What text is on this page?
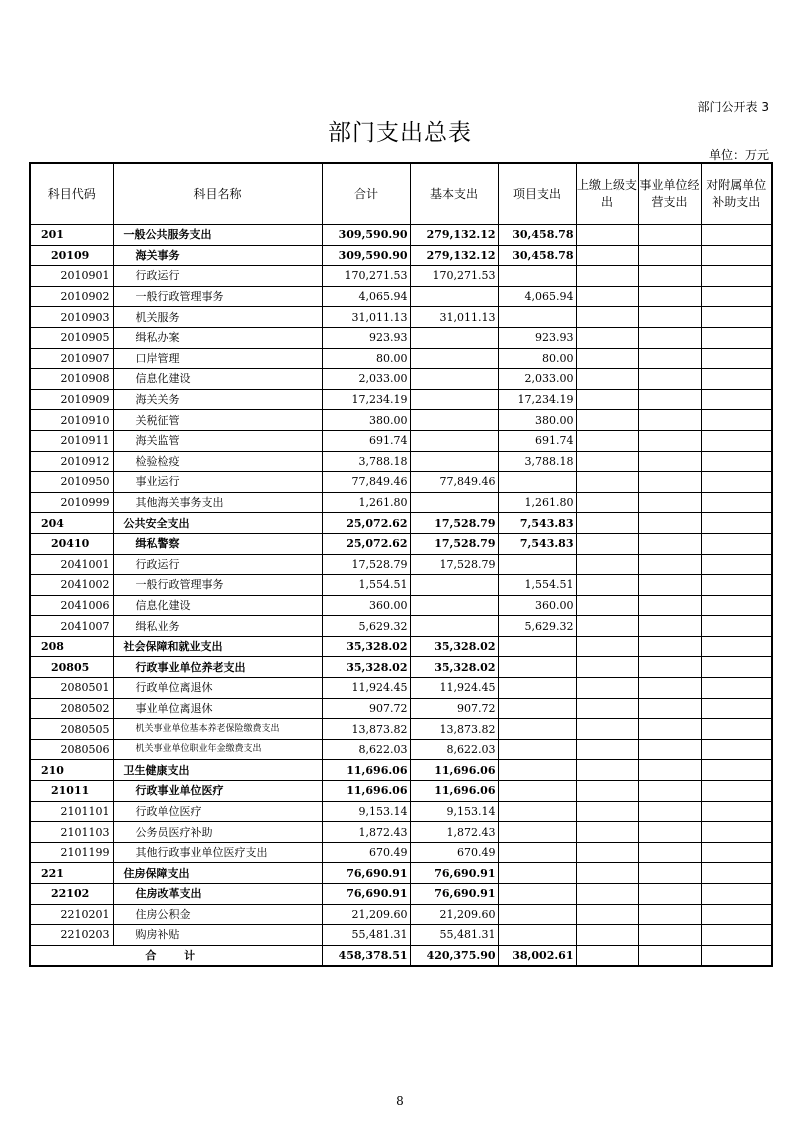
部门公开表 3
部门支出总表
单位：万元
科目代码	科目名称	合计	基本支出	项目支出	上缴上级支出	事业单位经营支出	对附属单位补助支出
201	一般公共服务支出	309,590.90	279,132.12	30,458.78			
20109	海关事务	309,590.90	279,132.12	30,458.78			
2010901	行政运行	170,271.53	170,271.53				
2010902	一般行政管理事务	4,065.94		4,065.94			
2010903	机关服务	31,011.13	31,011.13				
2010905	缉私办案	923.93		923.93			
2010907	口岸管理	80.00		80.00			
2010908	信息化建设	2,033.00		2,033.00			
2010909	海关关务	17,234.19		17,234.19			
2010910	关税征管	380.00		380.00			
2010911	海关监管	691.74		691.74			
2010912	检验检疫	3,788.18		3,788.18			
2010950	事业运行	77,849.46	77,849.46				
2010999	其他海关事务支出	1,261.80		1,261.80			
204	公共安全支出	25,072.62	17,528.79	7,543.83			
20410	缉私警察	25,072.62	17,528.79	7,543.83			
2041001	行政运行	17,528.79	17,528.79				
2041002	一般行政管理事务	1,554.51		1,554.51			
2041006	信息化建设	360.00		360.00			
2041007	缉私业务	5,629.32		5,629.32			
208	社会保障和就业支出	35,328.02	35,328.02				
20805	行政事业单位养老支出	35,328.02	35,328.02				
2080501	行政单位离退休	11,924.45	11,924.45				
2080502	事业单位离退休	907.72	907.72				
2080505	机关事业单位基本养老保险缴费支出	13,873.82	13,873.82				
2080506	机关事业单位职业年金缴费支出	8,622.03	8,622.03				
210	卫生健康支出	11,696.06	11,696.06				
21011	行政事业单位医疗	11,696.06	11,696.06				
2101101	行政单位医疗	9,153.14	9,153.14				
2101103	公务员医疗补助	1,872.43	1,872.43				
2101199	其他行政事业单位医疗支出	670.49	670.49				
221	住房保障支出	76,690.91	76,690.91				
22102	住房改革支出	76,690.91	76,690.91				
2210201	住房公积金	21,209.60	21,209.60				
2210203	购房补贴	55,481.31	55,481.31				
合 计		458,378.51	420,375.90	38,002.61			
8
